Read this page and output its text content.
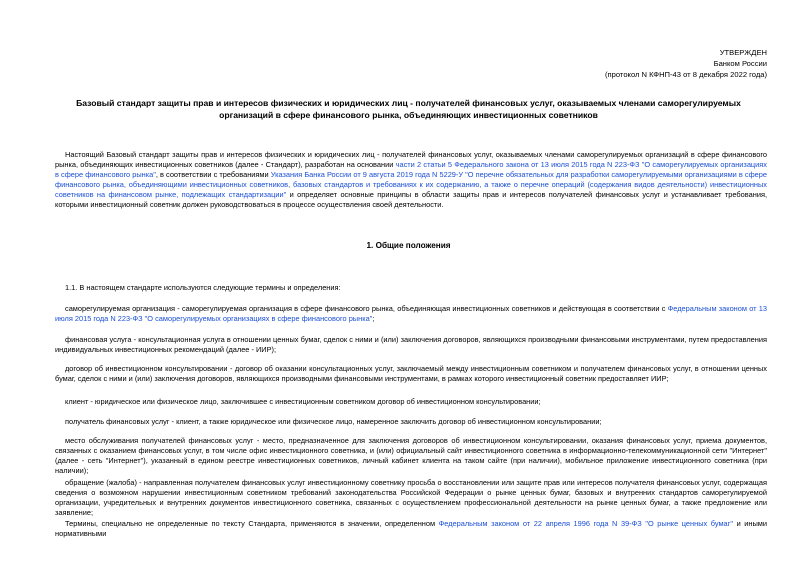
УТВЕРЖДЕН
Банком России
(протокол N КФНП-43 от 8 декабря 2022 года)
Базовый стандарт защиты прав и интересов физических и юридических лиц - получателей финансовых услуг, оказываемых членами саморегулируемых
организаций в сфере финансового рынка, объединяющих инвестиционных советников
Настоящий Базовый стандарт защиты прав и интересов физических и юридических лиц - получателей финансовых услуг, оказываемых членами саморегулируемых организаций в сфере финансового рынка, объединяющих инвестиционных советников (далее - Стандарт), разработан на основании части 2 статьи 5 Федерального закона от 13 июля 2015 года N 223-ФЗ "О саморегулируемых организациях в сфере финансового рынка", в соответствии с требованиями Указания Банка России от 9 августа 2019 года N 5229-У "О перечне обязательных для разработки саморегулируемыми организациями в сфере финансового рынка, объединяющими инвестиционных советников, базовых стандартов и требованиях к их содержанию, а также о перечне операций (содержания видов деятельности) инвестиционных советников на финансовом рынке, подлежащих стандартизации" и определяет основные принципы в области защиты прав и интересов получателей финансовых услуг и устанавливает требования, которыми инвестиционный советник должен руководствоваться в процессе осуществления своей деятельности.
1. Общие положения
1.1. В настоящем стандарте используются следующие термины и определения:
саморегулируемая организация - саморегулируемая организация в сфере финансового рынка, объединяющая инвестиционных советников и действующая в соответствии с Федеральным законом от 13 июля 2015 года N 223-ФЗ "О саморегулируемых организациях в сфере финансового рынка";
финансовая услуга - консультационная услуга в отношении ценных бумаг, сделок с ними и (или) заключения договоров, являющихся производными финансовыми инструментами, путем предоставления индивидуальных инвестиционных рекомендаций (далее - ИИР);
договор об инвестиционном консультировании - договор об оказании консультационных услуг, заключаемый между инвестиционным советником и получателем финансовых услуг, в отношении ценных бумаг, сделок с ними и (или) заключения договоров, являющихся производными финансовыми инструментами, в рамках которого инвестиционный советник предоставляет ИИР;
клиент - юридическое или физическое лицо, заключившее с инвестиционным советником договор об инвестиционном консультировании;
получатель финансовых услуг - клиент, а также юридическое или физическое лицо, намеренное заключить договор об инвестиционном консультировании;
место обслуживания получателей финансовых услуг - место, предназначенное для заключения договоров об инвестиционном консультировании, оказания финансовых услуг, приема документов, связанных с оказанием финансовых услуг, в том числе офис инвестиционного советника, и (или) официальный сайт инвестиционного советника в информационно-телекоммуникационной сети "Интернет" (далее - сеть "Интернет"), указанный в едином реестре инвестиционных советников, личный кабинет клиента на таком сайте (при наличии), мобильное приложение инвестиционного советника (при наличии);
обращение (жалоба) - направленная получателем финансовых услуг инвестиционному советнику просьба о восстановлении или защите прав или интересов получателя финансовых услуг, содержащая сведения о возможном нарушении инвестиционным советником требований законодательства Российской Федерации о рынке ценных бумаг, базовых и внутренних стандартов саморегулируемой организации, учредительных и внутренних документов инвестиционного советника, связанных с осуществлением профессиональной деятельности на рынке ценных бумаг, а также предложение или заявление;
Термины, специально не определенные по тексту Стандарта, применяются в значении, определенном Федеральным законом от 22 апреля 1996 года N 39-ФЗ "О рынке ценных бумаг" и иными нормативными
